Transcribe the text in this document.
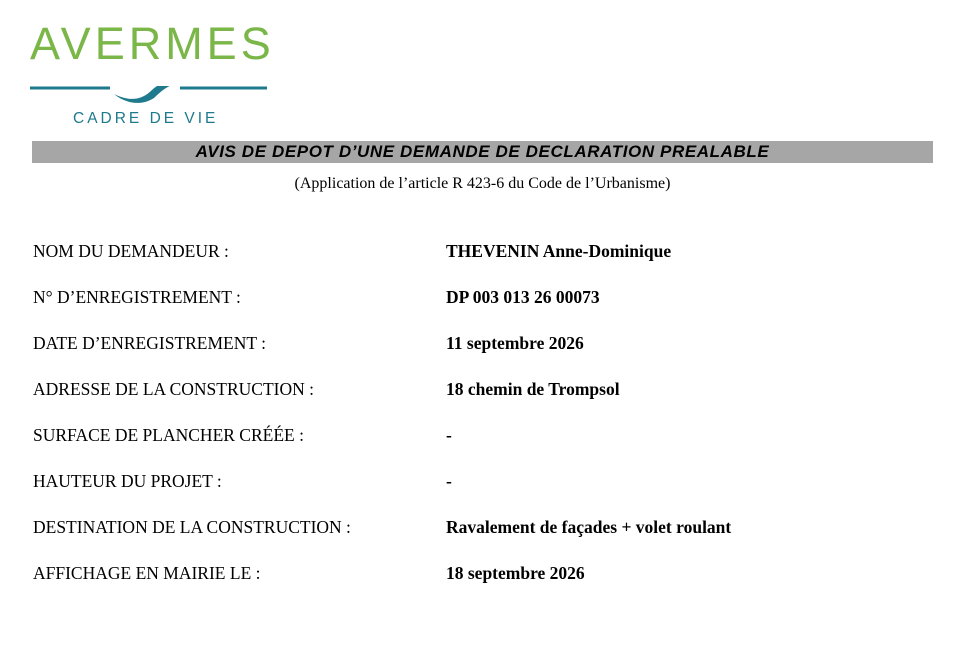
AVERMES
CADRE DE VIE
AVIS DE DEPOT D’UNE DEMANDE DE DECLARATION PREALABLE
(Application de l’article R 423-6 du Code de l’Urbanisme)
NOM DU DEMANDEUR :	THEVENIN Anne-Dominique
N° D’ENREGISTREMENT :	DP 003 013 26 00073
DATE D’ENREGISTREMENT :	11 septembre 2026
ADRESSE DE LA CONSTRUCTION :	18 chemin de Trompsol
SURFACE DE PLANCHER CRÉÉE :	-
HAUTEUR DU PROJET :	-
DESTINATION DE LA CONSTRUCTION :	Ravalement de façades + volet roulant
AFFICHAGE EN MAIRIE LE :	18 septembre 2026
